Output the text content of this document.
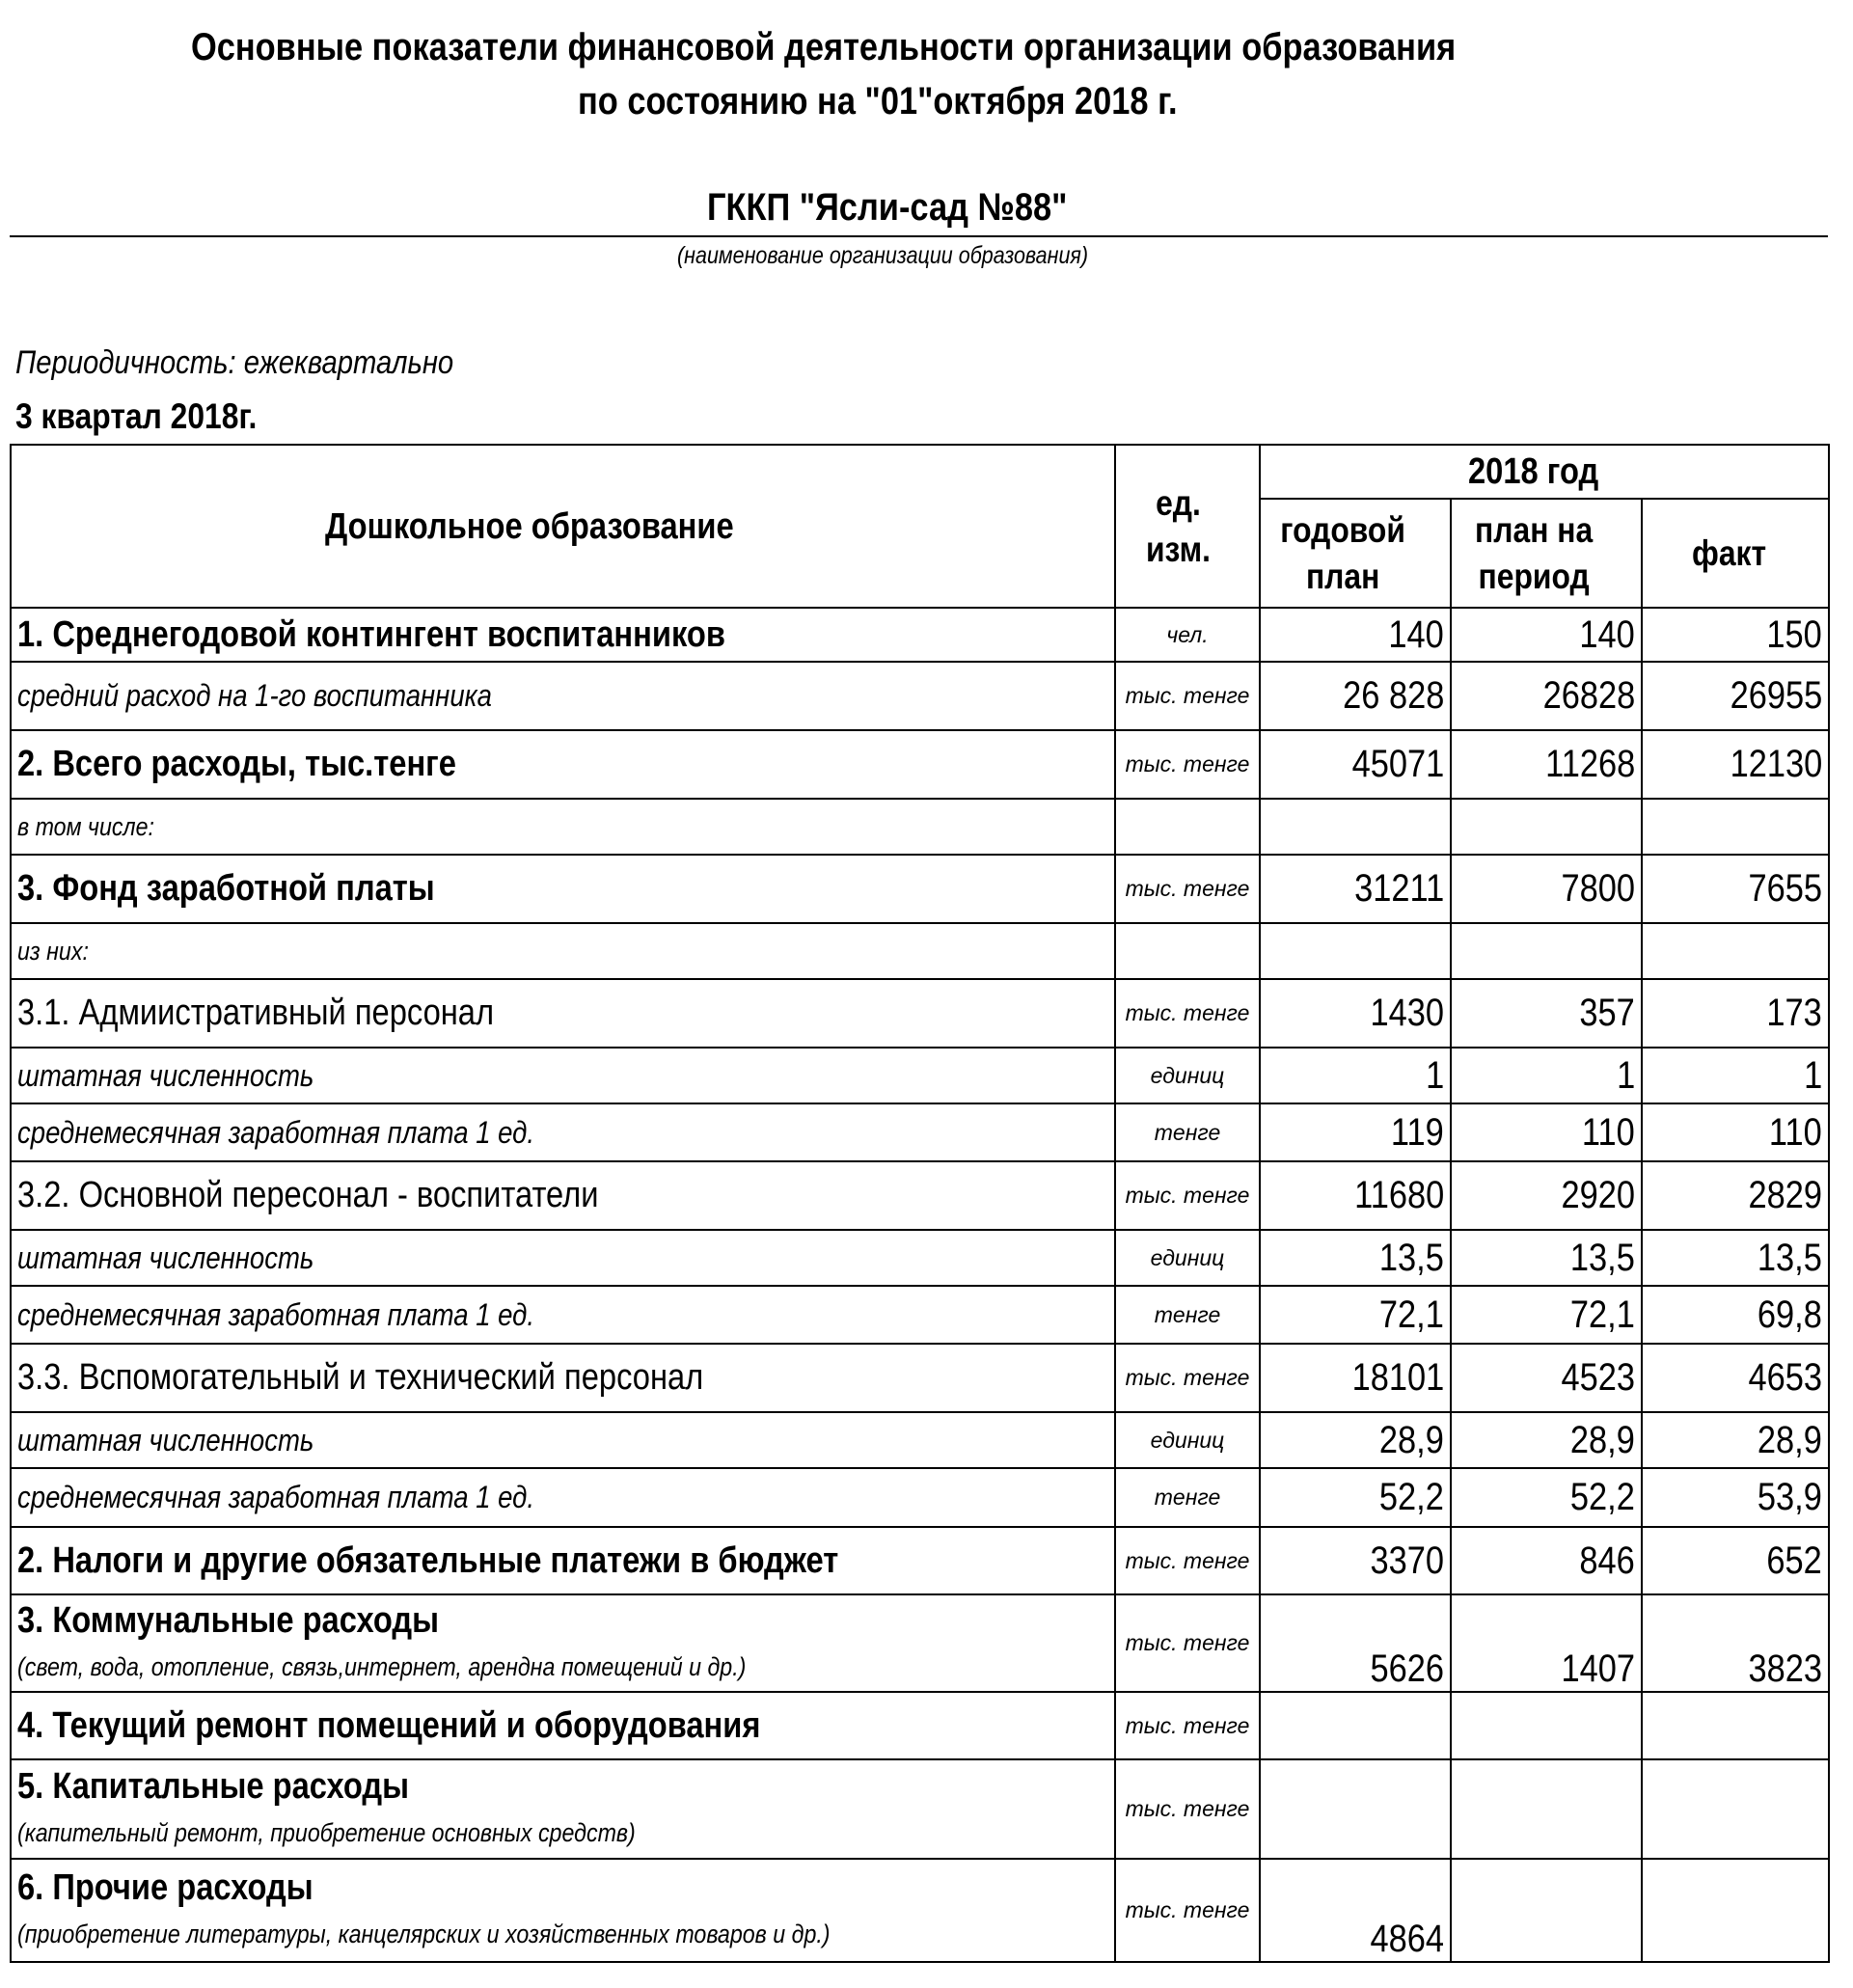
Основные показатели финансовой деятельности организации образования
по состоянию на "01"октября 2018 г.
ГККП "Ясли-сад №88"
(наименование организации образования)
Периодичность: ежеквартально
3 квартал 2018г.
Дошкольное образование	ед. изм.	2018 год		
		годовой план	план на период	факт
1. Среднегодовой контингент воспитанников	чел.	140	140	150
средний расход на 1-го воспитанника	тыс. тенге	26 828	26828	26955
2. Всего расходы, тыс.тенге	тыс. тенге	45071	11268	12130
в том числе:				
3. Фонд заработной платы	тыс. тенге	31211	7800	7655
из них:				
3.1. Адмиистративный персонал	тыс. тенге	1430	357	173
штатная численность	единиц	1	1	1
среднемесячная заработная плата 1 ед.	тенге	119	110	110
3.2. Основной пересонал - воспитатели	тыс. тенге	11680	2920	2829
штатная численность	единиц	13,5	13,5	13,5
среднемесячная заработная плата 1 ед.	тенге	72,1	72,1	69,8
3.3. Вспомогательный и технический персонал	тыс. тенге	18101	4523	4653
штатная численность	единиц	28,9	28,9	28,9
среднемесячная заработная плата 1 ед.	тенге	52,2	52,2	53,9
2. Налоги и другие обязательные платежи в бюджет	тыс. тенге	3370	846	652
3. Коммунальные расходы
(свет, вода, отопление, связь,интернет, арендна помещений и др.)	тыс. тенге	5626	1407	3823
4. Текущий ремонт помещений и оборудования	тыс. тенге			
5. Капитальные расходы
(капительный ремонт, приобретение основных средств)	тыс. тенге			
6. Прочие расходы
(приобретение литературы, канцелярских и хозяйственных товаров и др.)	тыс. тенге	4864		
